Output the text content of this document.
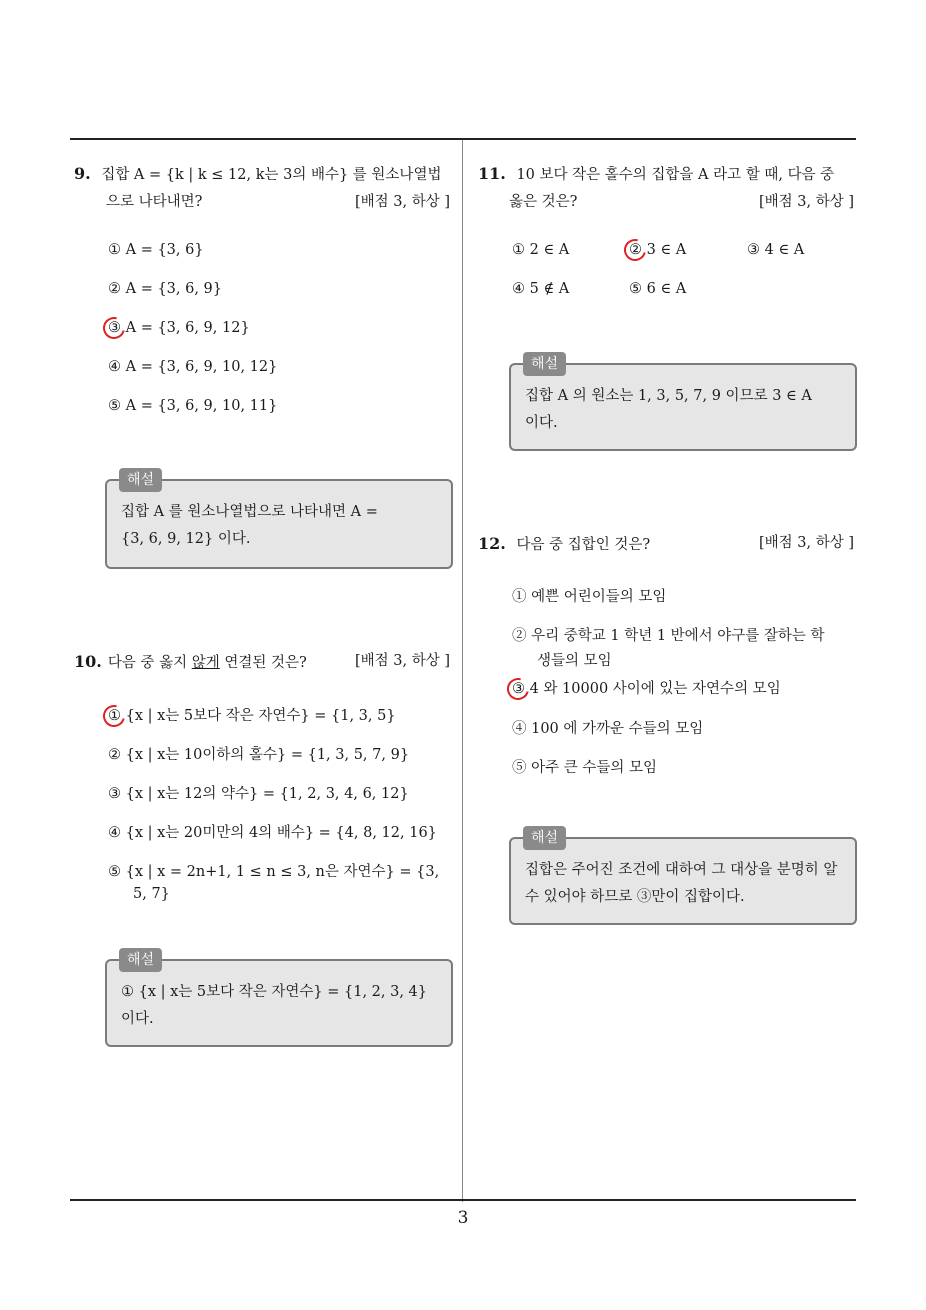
9. 집합 A = {k | k ≤ 12, k는 3의 배수} 를 원소나열법
으로 나타내면?	[배점 3, 하상 ]
① A = {3, 6}
② A = {3, 6, 9}
③ A = {3, 6, 9, 12}
④ A = {3, 6, 9, 10, 12}
⑤ A = {3, 6, 9, 10, 11}
해설
집합 A 를 원소나열법으로 나타내면 A =
{3, 6, 9, 12} 이다.
10. 다음 중 옳지 않게 연결된 것은?	[배점 3, 하상 ]
① {x | x는 5보다 작은 자연수} = {1, 3, 5}
② {x | x는 10이하의 홀수} = {1, 3, 5, 7, 9}
③ {x | x는 12의 약수} = {1, 2, 3, 4, 6, 12}
④ {x | x는 20미만의 4의 배수} = {4, 8, 12, 16}
⑤ {x | x = 2n+1, 1 ≤ n ≤ 3, n은 자연수} = {3,
5, 7}
해설
① {x | x는 5보다 작은 자연수} = {1, 2, 3, 4}
이다.
11. 10 보다 작은 홀수의 집합을 A 라고 할 때, 다음 중
옳은 것은?	[배점 3, 하상 ]
① 2 ∈ A	② 3 ∈ A	③ 4 ∈ A
④ 5 ∉ A	⑤ 6 ∈ A
해설
집합 A 의 원소는 1, 3, 5, 7, 9 이므로 3 ∈ A
이다.
12. 다음 중 집합인 것은?	[배점 3, 하상 ]
① 예쁜 어린이들의 모임
② 우리 중학교 1 학년 1 반에서 야구를 잘하는 학
생들의 모임
③ 4 와 10000 사이에 있는 자연수의 모임
④ 100 에 가까운 수들의 모임
⑤ 아주 큰 수들의 모임
해설
집합은 주어진 조건에 대하여 그 대상을 분명히 알
수 있어야 하므로 ③만이 집합이다.
3
